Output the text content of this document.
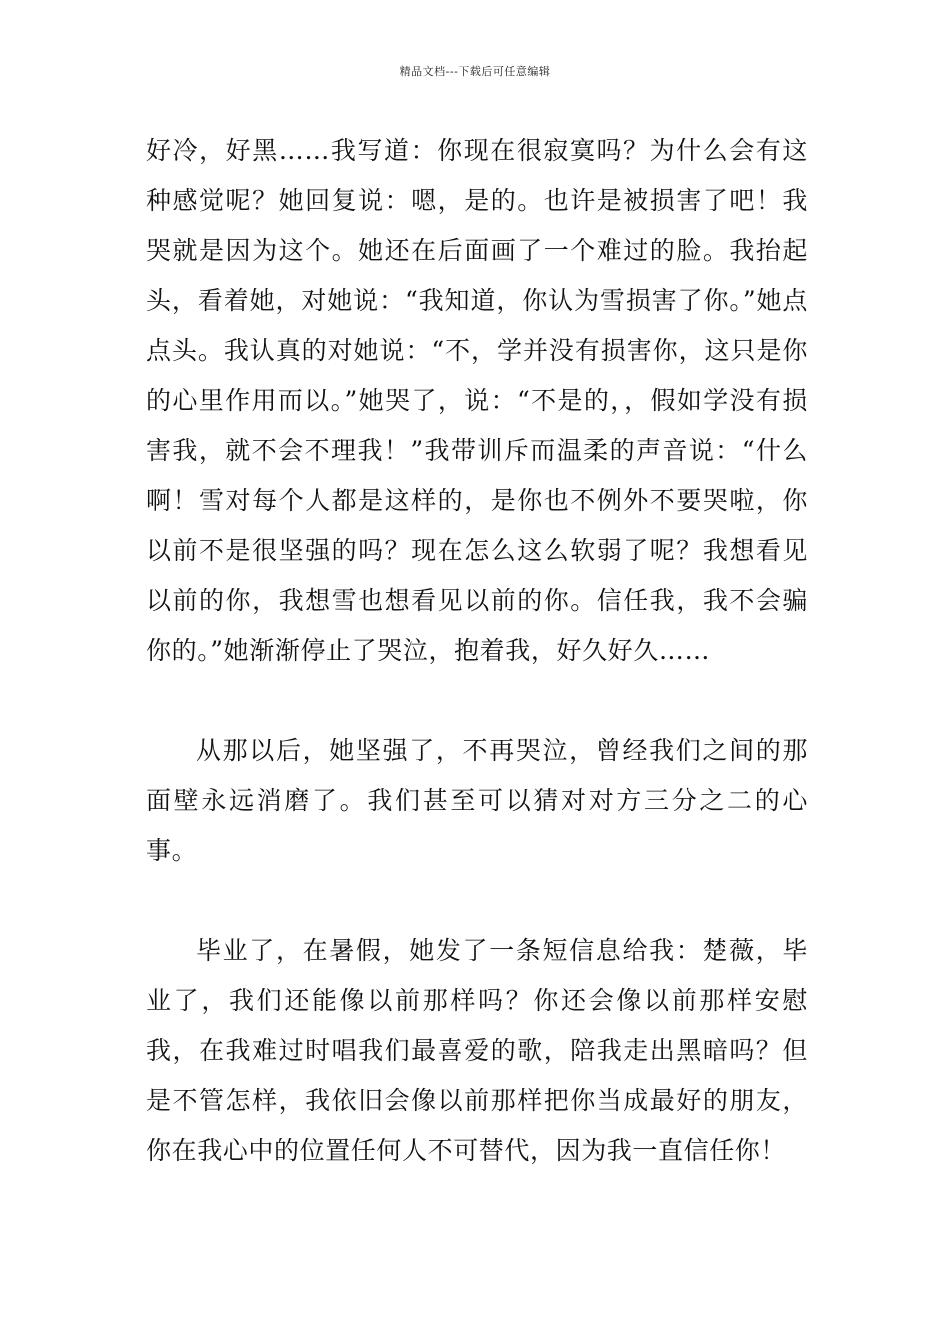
精品文档---下载后可任意编辑

好冷，好黑……我写道：你现在很寂寞吗？为什么会有这种感觉呢？她回复说：嗯，是的。也许是被损害了吧！我哭就是因为这个。她还在后面画了一个难过的脸。我抬起头，看着她，对她说：“我知道，你认为雪损害了你。”她点点头。我认真的对她说：“不，学并没有损害你，这只是你的心里作用而以。”她哭了，说：“不是的，，假如学没有损害我，就不会不理我！”我带训斥而温柔的声音说：“什么啊！雪对每个人都是这样的，是你也不例外不要哭啦，你以前不是很坚强的吗？现在怎么这么软弱了呢？我想看见以前的你，我想雪也想看见以前的你。信任我，我不会骗你的。”她渐渐停止了哭泣，抱着我，好久好久……

从那以后，她坚强了，不再哭泣，曾经我们之间的那面壁永远消磨了。我们甚至可以猜对对方三分之二的心事。

毕业了，在暑假，她发了一条短信息给我：楚薇，毕业了，我们还能像以前那样吗？你还会像以前那样安慰我，在我难过时唱我们最喜爱的歌，陪我走出黑暗吗？但是不管怎样，我依旧会像以前那样把你当成最好的朋友，你在我心中的位置任何人不可替代，因为我一直信任你！
